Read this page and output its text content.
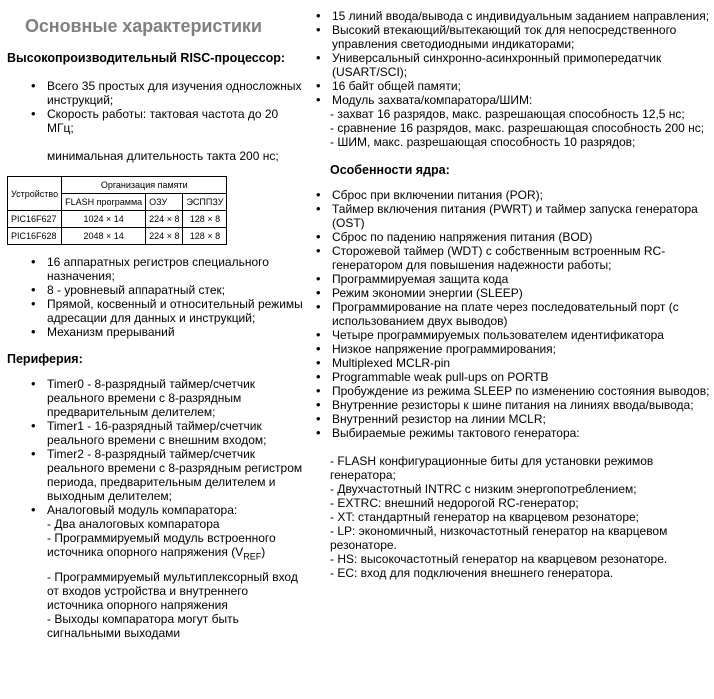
Основные характеристики
Высокопроизводительный RISC-процессор:
• Всего 35 простых для изучения односложных инструкций;
• Скорость работы: тактовая частота до 20 МГц;
минимальная длительность такта 200 нс;
Устройство	Организация памяти		
	FLASH программа	ОЗУ	ЭСППЗУ
PIC16F627	1024 × 14	224 × 8	128 × 8
PIC16F628	2048 × 14	224 × 8	128 × 8
• 16 аппаратных регистров специального назначения;
• 8 - уровневый аппаратный стек;
• Прямой, косвенный и относительный режимы адресации для данных и инструкций;
• Механизм прерываний
Периферия:
• Timer0 - 8-разрядный таймер/счетчик реального времени с 8-разрядным предварительным делителем;
• Timer1 - 16-разрядный таймер/счетчик реального времени с внешним входом;
• Timer2 - 8-разрядный таймер/счетчик реального времени с 8-разрядным регистром периода, предварительным делителем и выходным делителем;
• Аналоговый модуль компаратора:
- Два аналоговых компаратора
- Программируемый модуль встроенного источника опорного напряжения $(V_{REF})$
- Программируемый мультиплексорный вход от входов устройства и внутреннего источника опорного напряжения
- Выходы компаратора могут быть сигнальными выходами
• 15 линий ввода/вывода с индивидуальным заданием направления;
• Высокий втекающий/вытекающий ток для непосредственного управления светодиодными индикаторами;
• Универсальный синхронно-асинхронный примопередатчик (USART/SCI);
• 16 байт общей памяти;
• Модуль захвата/компаратора/ШИМ:
- захват 16 разрядов, макс. разрешающая способность 12,5 нс;
- сравнение 16 разрядов, макс. разрешающая способность 200 нс;
- ШИМ, макс. разрешающая способность 10 разрядов;
Особенности ядра:
• Сброс при включении питания (POR);
• Таймер включения питания (PWRT) и таймер запуска генератора (OST)
• Сброс по падению напряжения питания (BOD)
• Сторожевой таймер (WDT) с собственным встроенным RC-генератором для повышения надежности работы;
• Программируемая защита кода
• Режим экономии энергии (SLEEP)
• Программирование на плате через последовательный порт (с использованием двух выводов)
• Четыре программируемых пользователем идентификатора
• Низкое напряжение программирования;
• Multiplexed MCLR-pin
• Programmable weak pull-ups on PORTB
• Пробуждение из режима SLEEP по изменению состояния выводов;
• Внутренние резисторы к шине питания на линиях ввода/вывода;
• Внутренний резистор на линии MCLR;
• Выбираемые режимы тактового генератора:
- FLASH конфигурационные биты для установки режимов генератора;
- Двухчастотный INTRC с низким энергопотреблением;
- EXTRC: внешний недорогой RC-генератор;
- XT: стандартный генератор на кварцевом резонаторе;
- LP: экономичный, низкочастотный генератор на кварцевом резонаторе.
- HS: высокочастотный генератор на кварцевом резонаторе.
- EC: вход для подключения внешнего генератора.
